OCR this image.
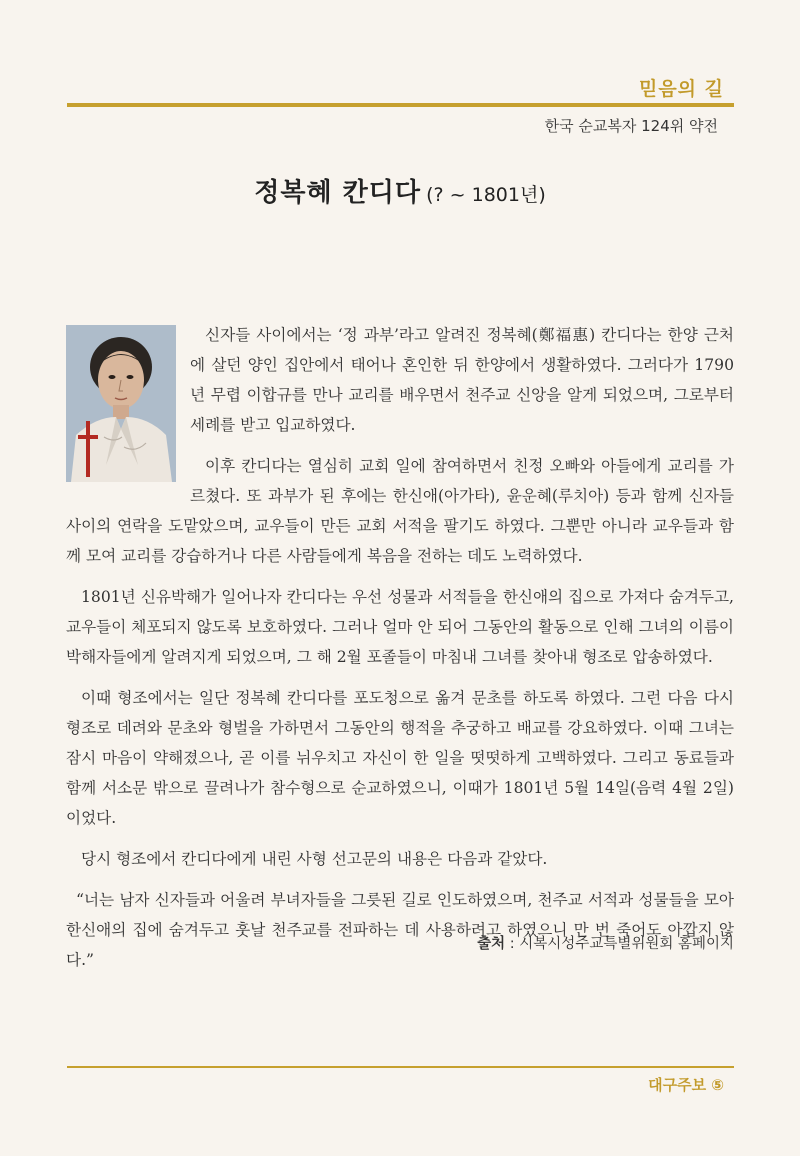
믿음의 길
한국 순교복자 124위 약전
정복혜 칸디다 (? ~ 1801년)

신자들 사이에서는 ‘정 과부’라고 알려진 정복혜(鄭福惠) 칸디다는 한양 근처에 살던 양인 집안에서 태어나 혼인한 뒤 한양에서 생활하였다. 그러다가 1790년 무렵 이합규를 만나 교리를 배우면서 천주교 신앙을 알게 되었으며, 그로부터 세례를 받고 입교하였다.

이후 칸디다는 열심히 교회 일에 참여하면서 친정 오빠와 아들에게 교리를 가르쳤다. 또 과부가 된 후에는 한신애(아가타), 윤운혜(루치아) 등과 함께 신자들 사이의 연락을 도맡았으며, 교우들이 만든 교회 서적을 팔기도 하였다. 그뿐만 아니라 교우들과 함께 모여 교리를 강습하거나 다른 사람들에게 복음을 전하는 데도 노력하였다.

1801년 신유박해가 일어나자 칸디다는 우선 성물과 서적들을 한신애의 집으로 가져다 숨겨두고, 교우들이 체포되지 않도록 보호하였다. 그러나 얼마 안 되어 그동안의 활동으로 인해 그녀의 이름이 박해자들에게 알려지게 되었으며, 그 해 2월 포졸들이 마침내 그녀를 찾아내 형조로 압송하였다.

이때 형조에서는 일단 정복혜 칸디다를 포도청으로 옮겨 문초를 하도록 하였다. 그런 다음 다시 형조로 데려와 문초와 형벌을 가하면서 그동안의 행적을 추궁하고 배교를 강요하였다. 이때 그녀는 잠시 마음이 약해졌으나, 곧 이를 뉘우치고 자신이 한 일을 떳떳하게 고백하였다. 그리고 동료들과 함께 서소문 밖으로 끌려나가 참수형으로 순교하였으니, 이때가 1801년 5월 14일(음력 4월 2일)이었다.

당시 형조에서 칸디다에게 내린 사형 선고문의 내용은 다음과 같았다.

“너는 남자 신자들과 어울려 부녀자들을 그릇된 길로 인도하였으며, 천주교 서적과 성물들을 모아 한신애의 집에 숨겨두고 훗날 천주교를 전파하는 데 사용하려고 하였으니 만 번 죽어도 아깝지 않다.”

출처 : 시복시성주교특별위원회 홈페이지
대구주보 ⑤
